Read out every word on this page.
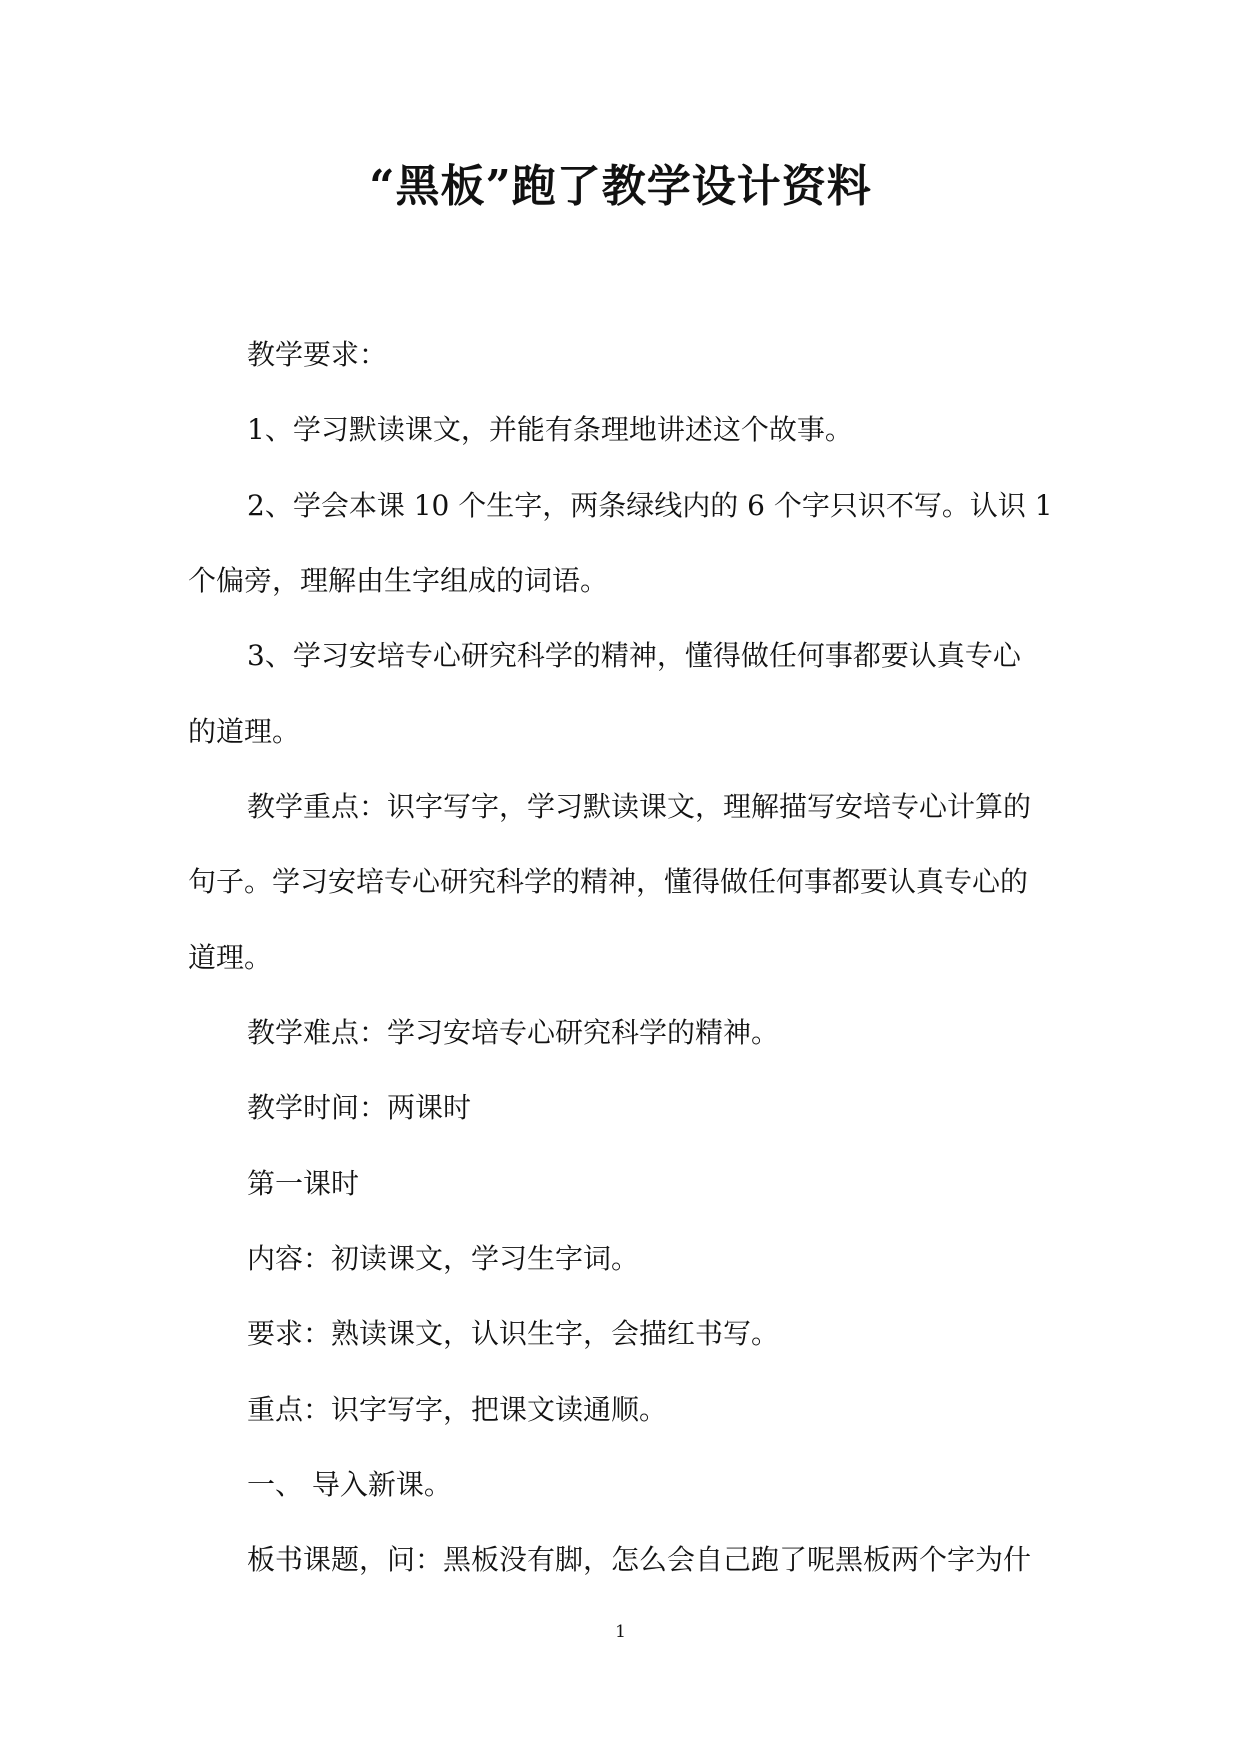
“黑板”跑了教学设计资料
教学要求：
1、学习默读课文，并能有条理地讲述这个故事。
2、学会本课 10 个生字，两条绿线内的 6 个字只识不写。认识 1
个偏旁，理解由生字组成的词语。
3、学习安培专心研究科学的精神，懂得做任何事都要认真专心
的道理。
教学重点：识字写字，学习默读课文，理解描写安培专心计算的
句子。学习安培专心研究科学的精神，懂得做任何事都要认真专心的
道理。
教学难点：学习安培专心研究科学的精神。
教学时间：两课时
第一课时
内容：初读课文，学习生字词。
要求：熟读课文，认识生字，会描红书写。
重点：识字写字，把课文读通顺。
一、 导入新课。
板书课题，问：黑板没有脚，怎么会自己跑了呢黑板两个字为什
1
